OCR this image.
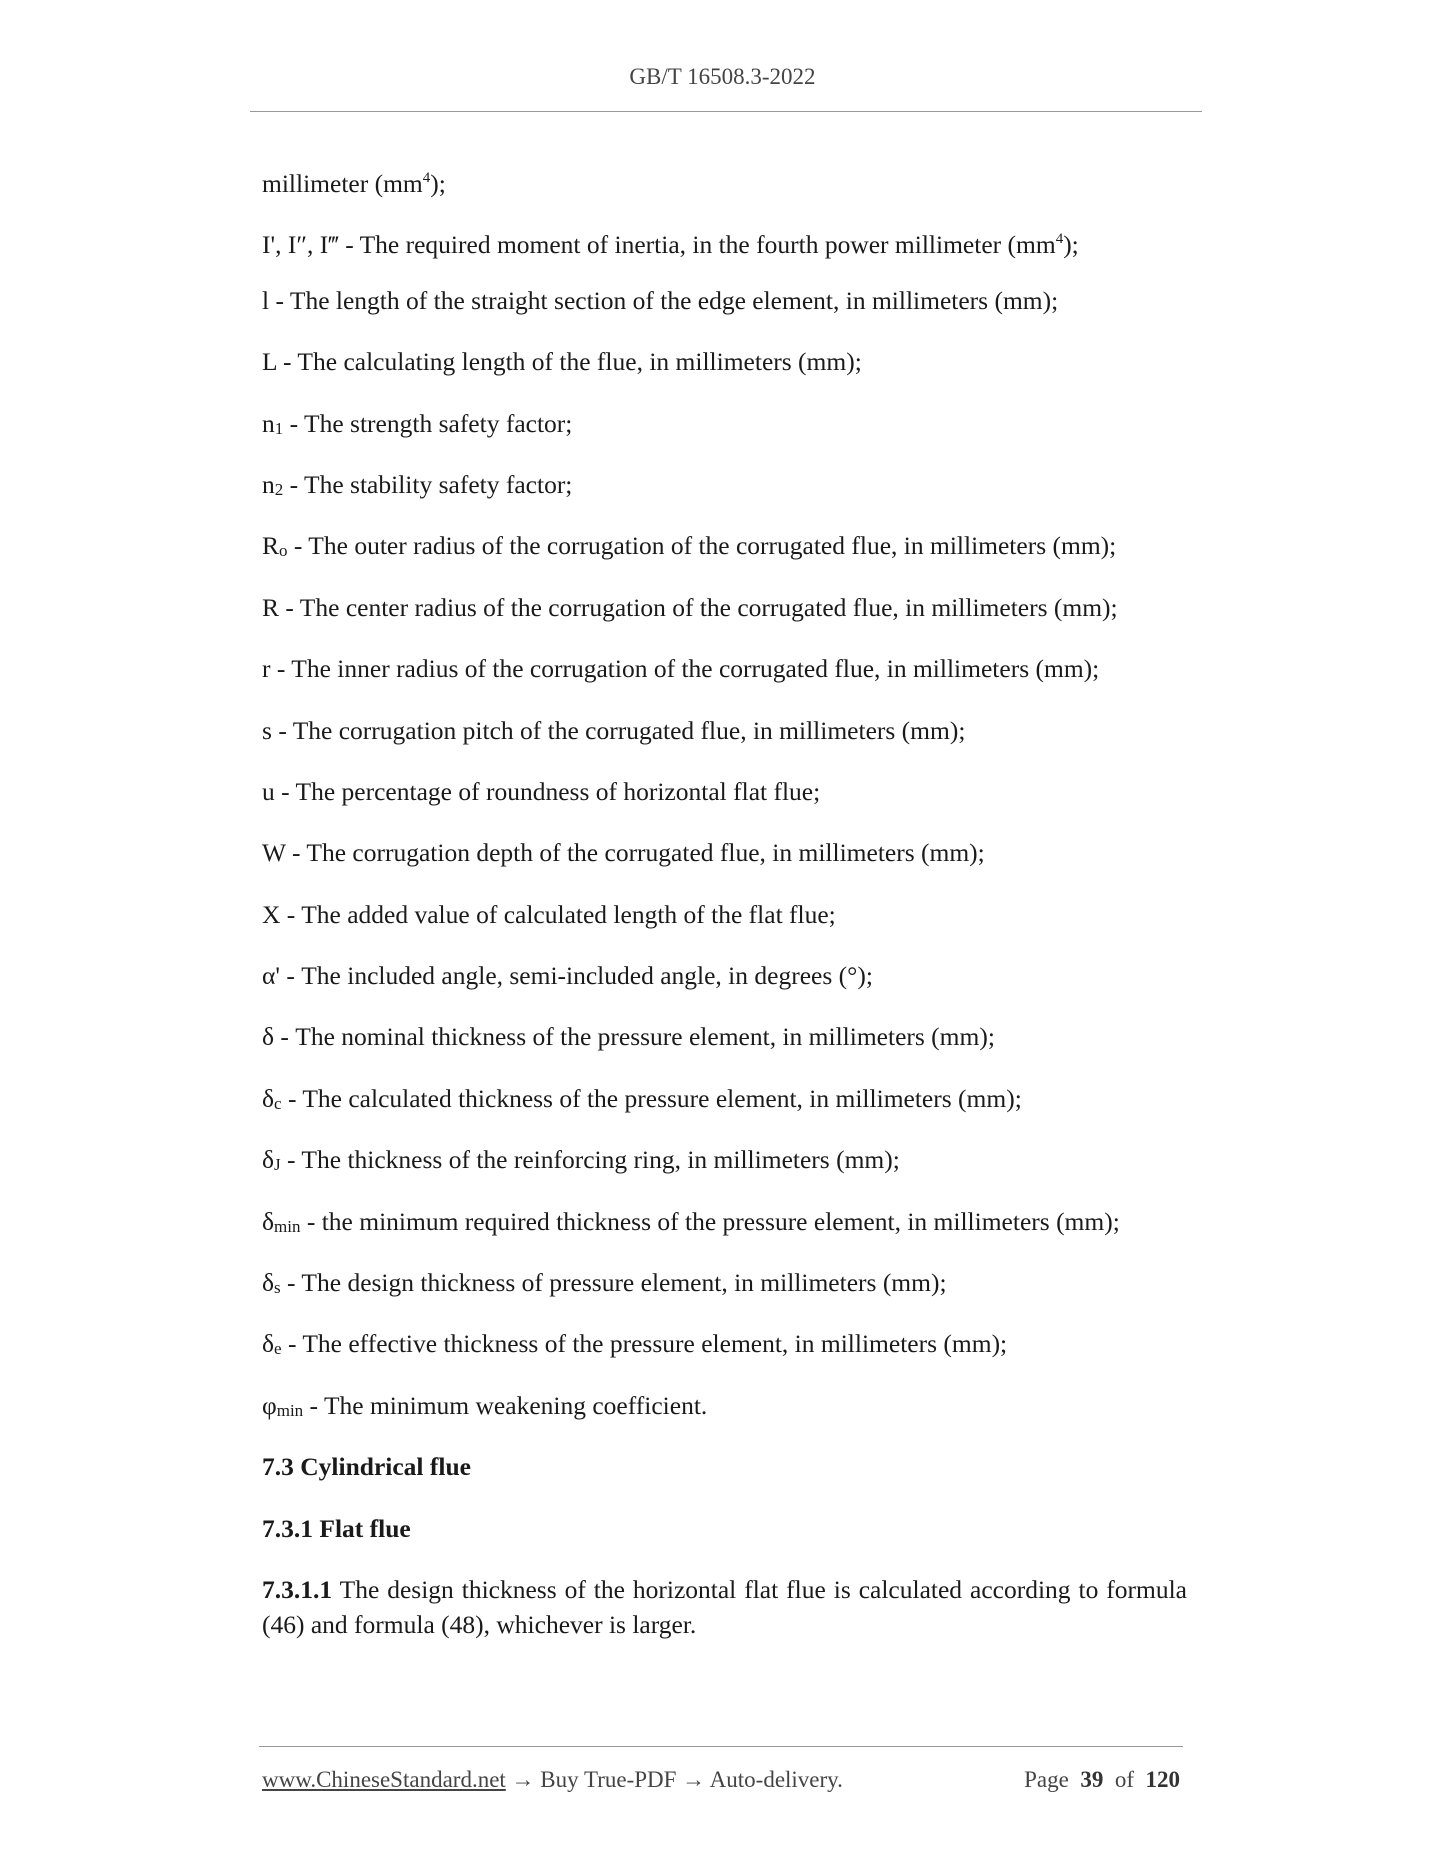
GB/T 16508.3-2022
millimeter $(mm^4)$;
I', I″, I‴ - The required moment of inertia, in the fourth power millimeter $(mm^4)$;
l - The length of the straight section of the edge element, in millimeters (mm);
L - The calculating length of the flue, in millimeters (mm);
$n_1$ - The strength safety factor;
$n_2$ - The stability safety factor;
$R_o$ - The outer radius of the corrugation of the corrugated flue, in millimeters (mm);
R - The center radius of the corrugation of the corrugated flue, in millimeters (mm);
r - The inner radius of the corrugation of the corrugated flue, in millimeters (mm);
s - The corrugation pitch of the corrugated flue, in millimeters (mm);
u - The percentage of roundness of horizontal flat flue;
W - The corrugation depth of the corrugated flue, in millimeters (mm);
X - The added value of calculated length of the flat flue;
α' - The included angle, semi-included angle, in degrees (°);
δ - The nominal thickness of the pressure element, in millimeters (mm);
$\delta_c$ - The calculated thickness of the pressure element, in millimeters (mm);
$\delta_J$ - The thickness of the reinforcing ring, in millimeters (mm);
$\delta_{min}$ - the minimum required thickness of the pressure element, in millimeters (mm);
$\delta_s$ - The design thickness of pressure element, in millimeters (mm);
$\delta_e$ - The effective thickness of the pressure element, in millimeters (mm);
$\varphi_{min}$ - The minimum weakening coefficient.
7.3 Cylindrical flue
7.3.1 Flat flue
7.3.1.1 The design thickness of the horizontal flat flue is calculated according to formula (46) and formula (48), whichever is larger.
www.ChineseStandard.net → Buy True-PDF → Auto-delivery.	Page 39 of 120
